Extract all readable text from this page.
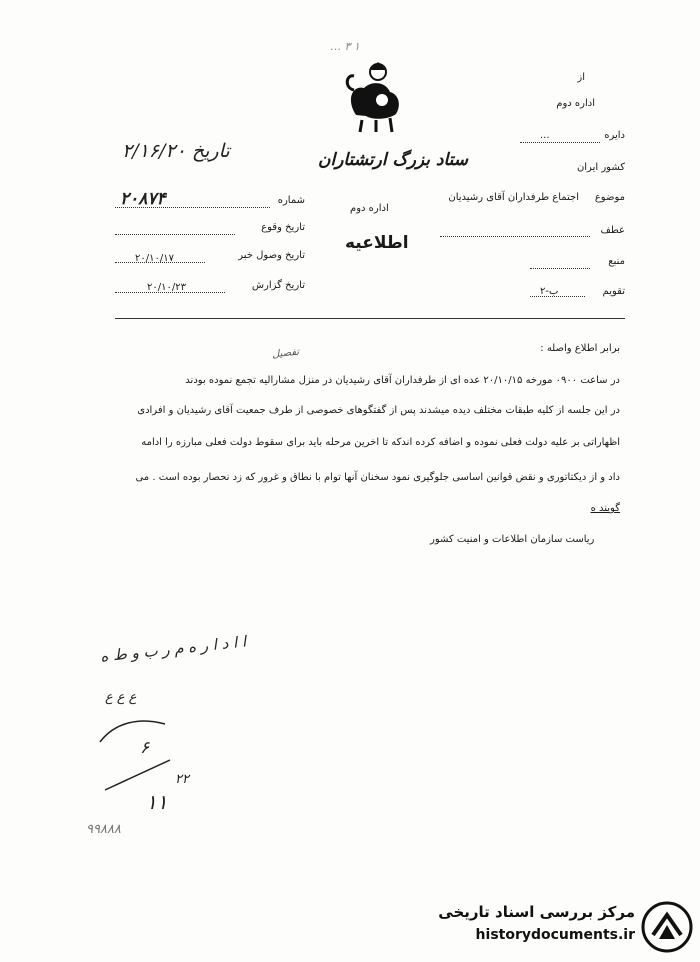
… ۳ ۱
ستاد بزرگ ارتشتاران
اداره دوم
اطلاعیه
تاریخ ۲/۱۶/۲۰
شماره
۲۰۸۷۴
تاریخ وقوع
تاریخ وصول خبر
۲۰/۱۰/۱۷
تاریخ گزارش
۲۰/۱۰/۲۳
از
اداره دوم
دایره
...
کشور ایران
موضوع
اجتماع طرفداران آقای رشیدیان
عطف
منبع
تقویم
ب-۲
تفصیل	برابر اطلاع واصله :
در ساعت ۰۹۰۰ مورخه ۲۰/۱۰/۱۵ عده ای از طرفداران آقای رشیدیان در منزل مشارالیه تجمع نموده بودند
در این جلسه از کلیه طبقات مختلف دیده میشدند پس از گفتگوهای خصوصی از طرف جمعیت آقای رشیدیان و افرادی
اظهاراتی بر علیه دولت فعلی نموده و اضافه کرده اندکه تا اخرین مرحله باید برای سقوط دولت فعلی مبارزه را ادامه
داد و از دیکتاتوری و نقض قوانین اساسی جلوگیری نمود سخنان آنها توام با نطاق و غرور که زد نحصار بوده است . می
گویند ه
ریاست سازمان اطلاعات و امنیت کشور
ا ا د ا ر ه م ر ب و ط ه
ع ع ع
۶
۲۲
۱۱
۹۹۸۸۸
مرکز بررسی اسناد تاریخی
historydocuments.ir
